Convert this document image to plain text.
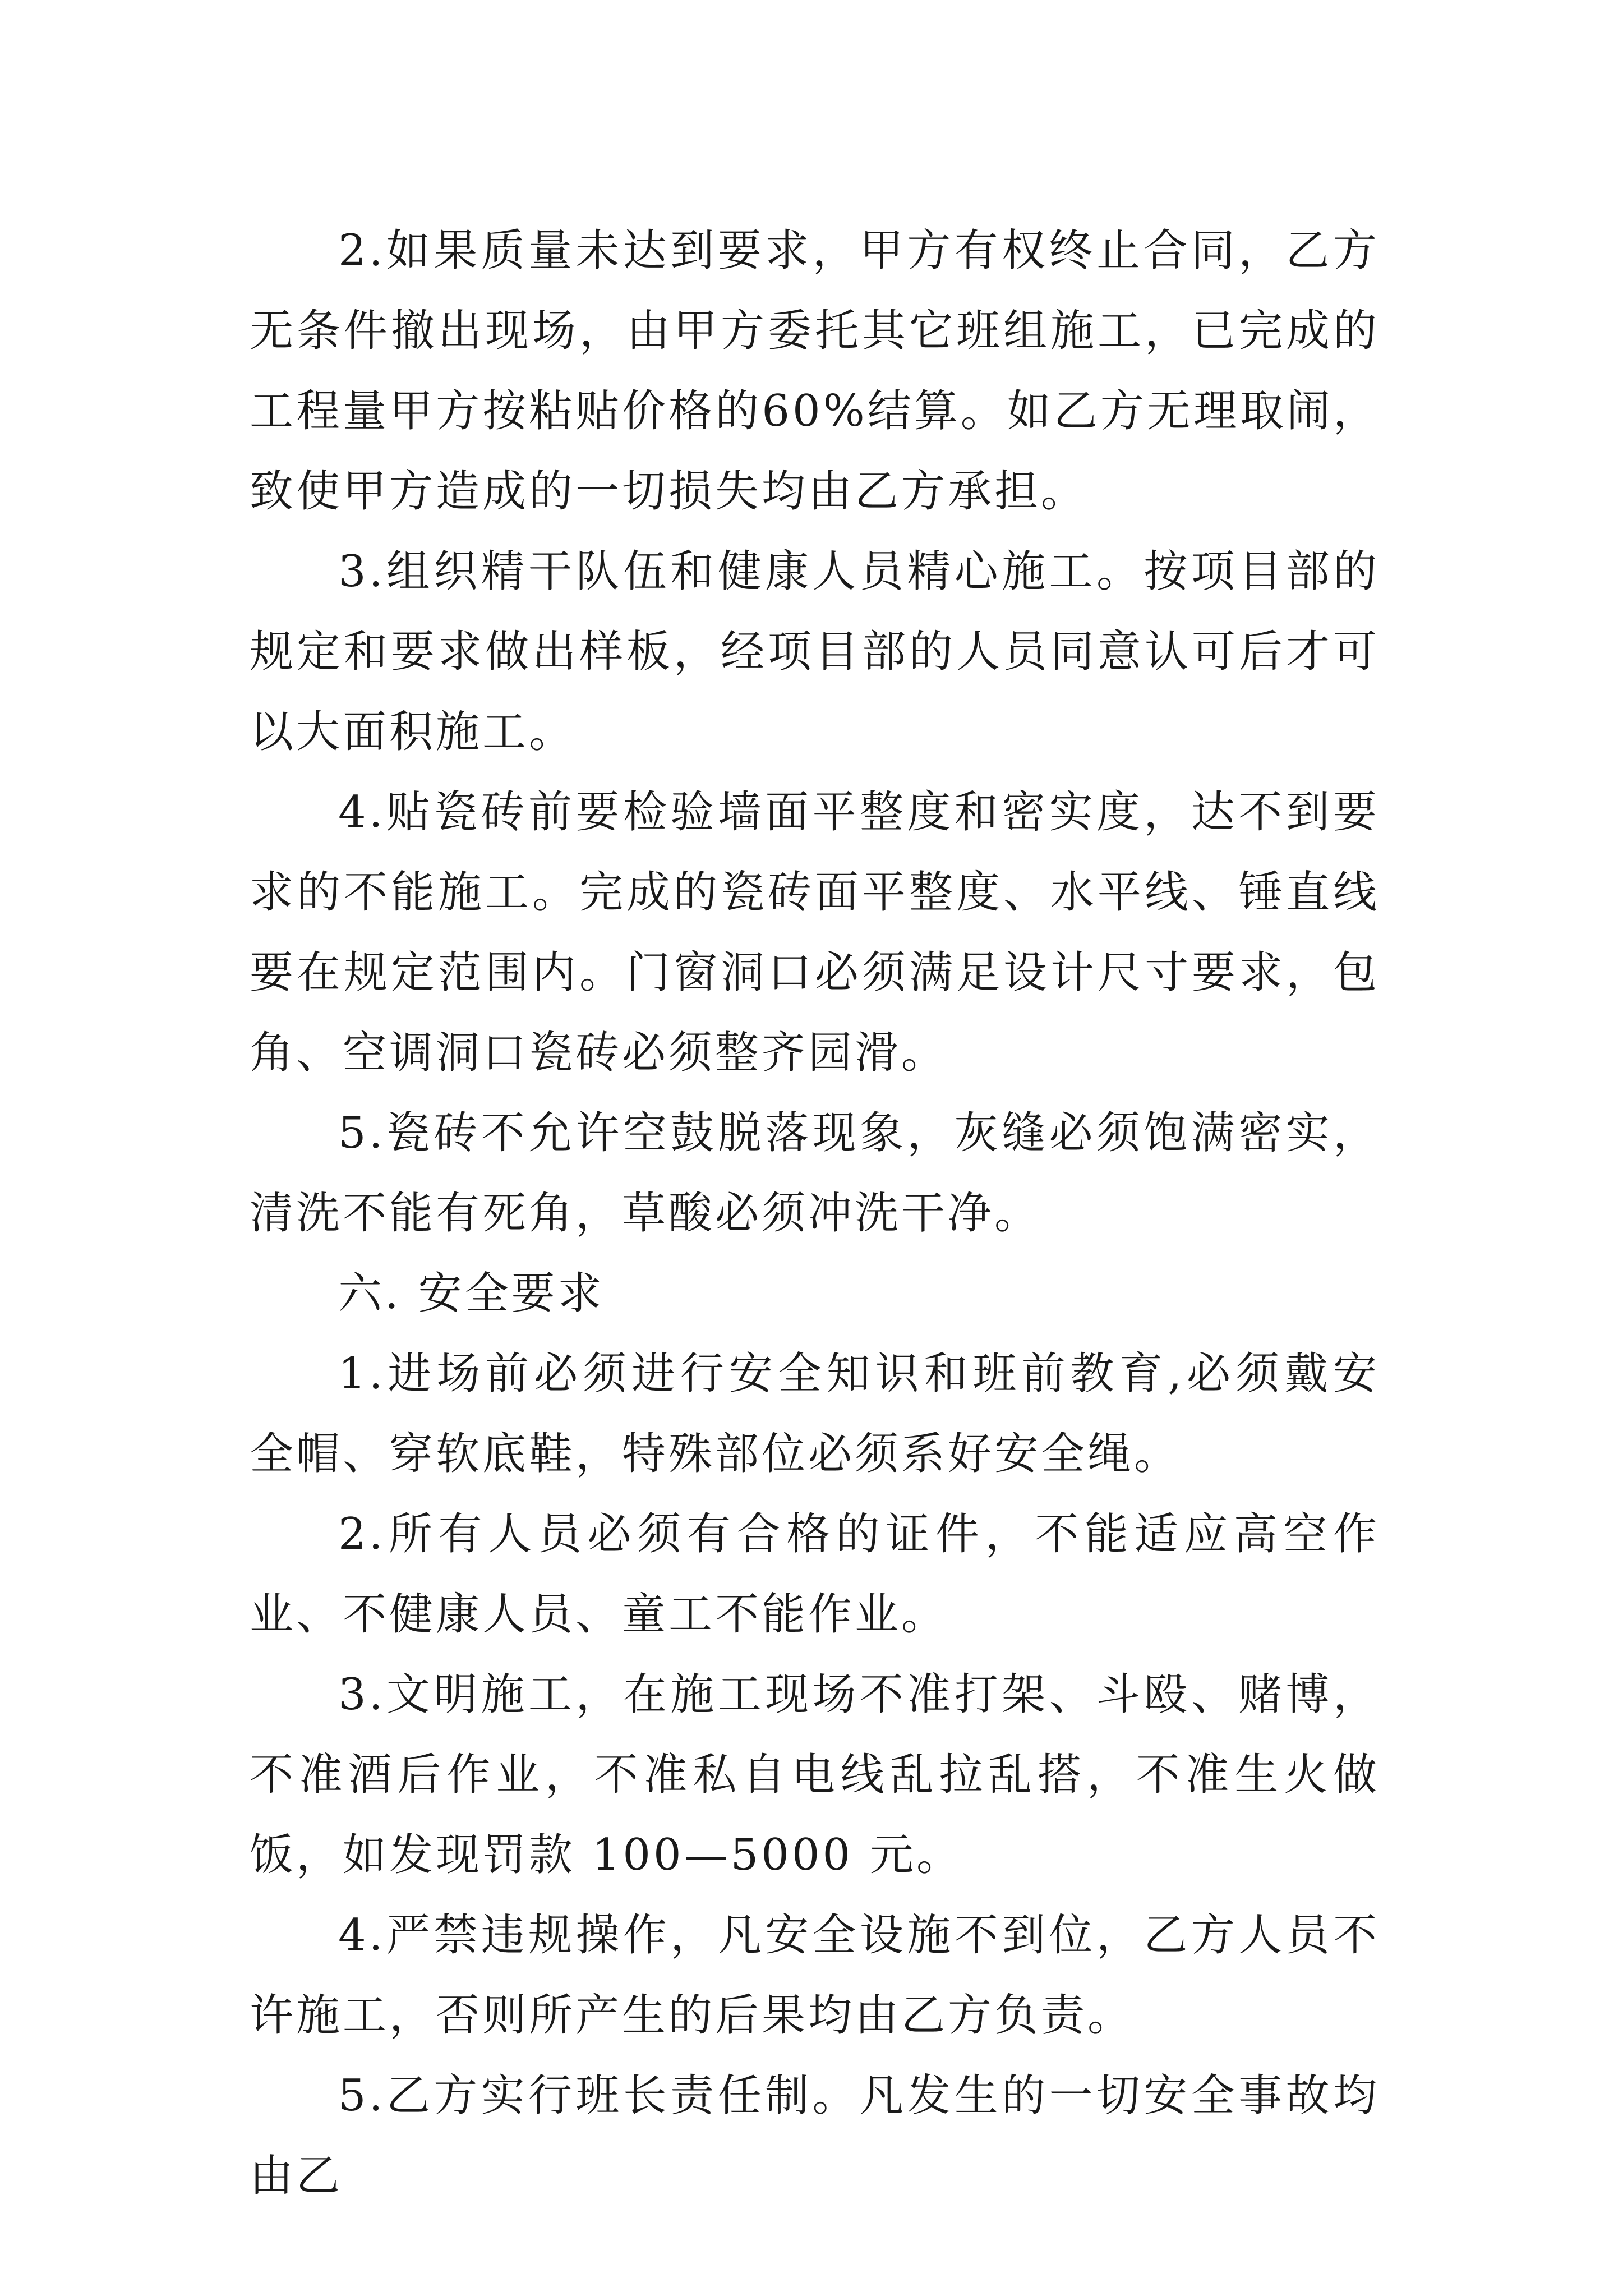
2.如果质量未达到要求，甲方有权终止合同，乙方无条件撤出现场，由甲方委托其它班组施工，已完成的工程量甲方按粘贴价格的60%结算。如乙方无理取闹，致使甲方造成的一切损失均由乙方承担。

3.组织精干队伍和健康人员精心施工。按项目部的规定和要求做出样板，经项目部的人员同意认可后才可以大面积施工。

4.贴瓷砖前要检验墙面平整度和密实度，达不到要求的不能施工。完成的瓷砖面平整度、水平线、锤直线要在规定范围内。门窗洞口必须满足设计尺寸要求，包角、空调洞口瓷砖必须整齐园滑。

5.瓷砖不允许空鼓脱落现象，灰缝必须饱满密实，清洗不能有死角，草酸必须冲洗干净。

六. 安全要求

1.进场前必须进行安全知识和班前教育,必须戴安全帽、穿软底鞋，特殊部位必须系好安全绳。

2.所有人员必须有合格的证件，不能适应高空作业、不健康人员、童工不能作业。

3.文明施工，在施工现场不准打架、斗殴、赌博，不准酒后作业，不准私自电线乱拉乱搭，不准生火做饭，如发现罚款 100—5000 元。

4.严禁违规操作，凡安全设施不到位，乙方人员不许施工，否则所产生的后果均由乙方负责。

5.乙方实行班长责任制。凡发生的一切安全事故均由乙
